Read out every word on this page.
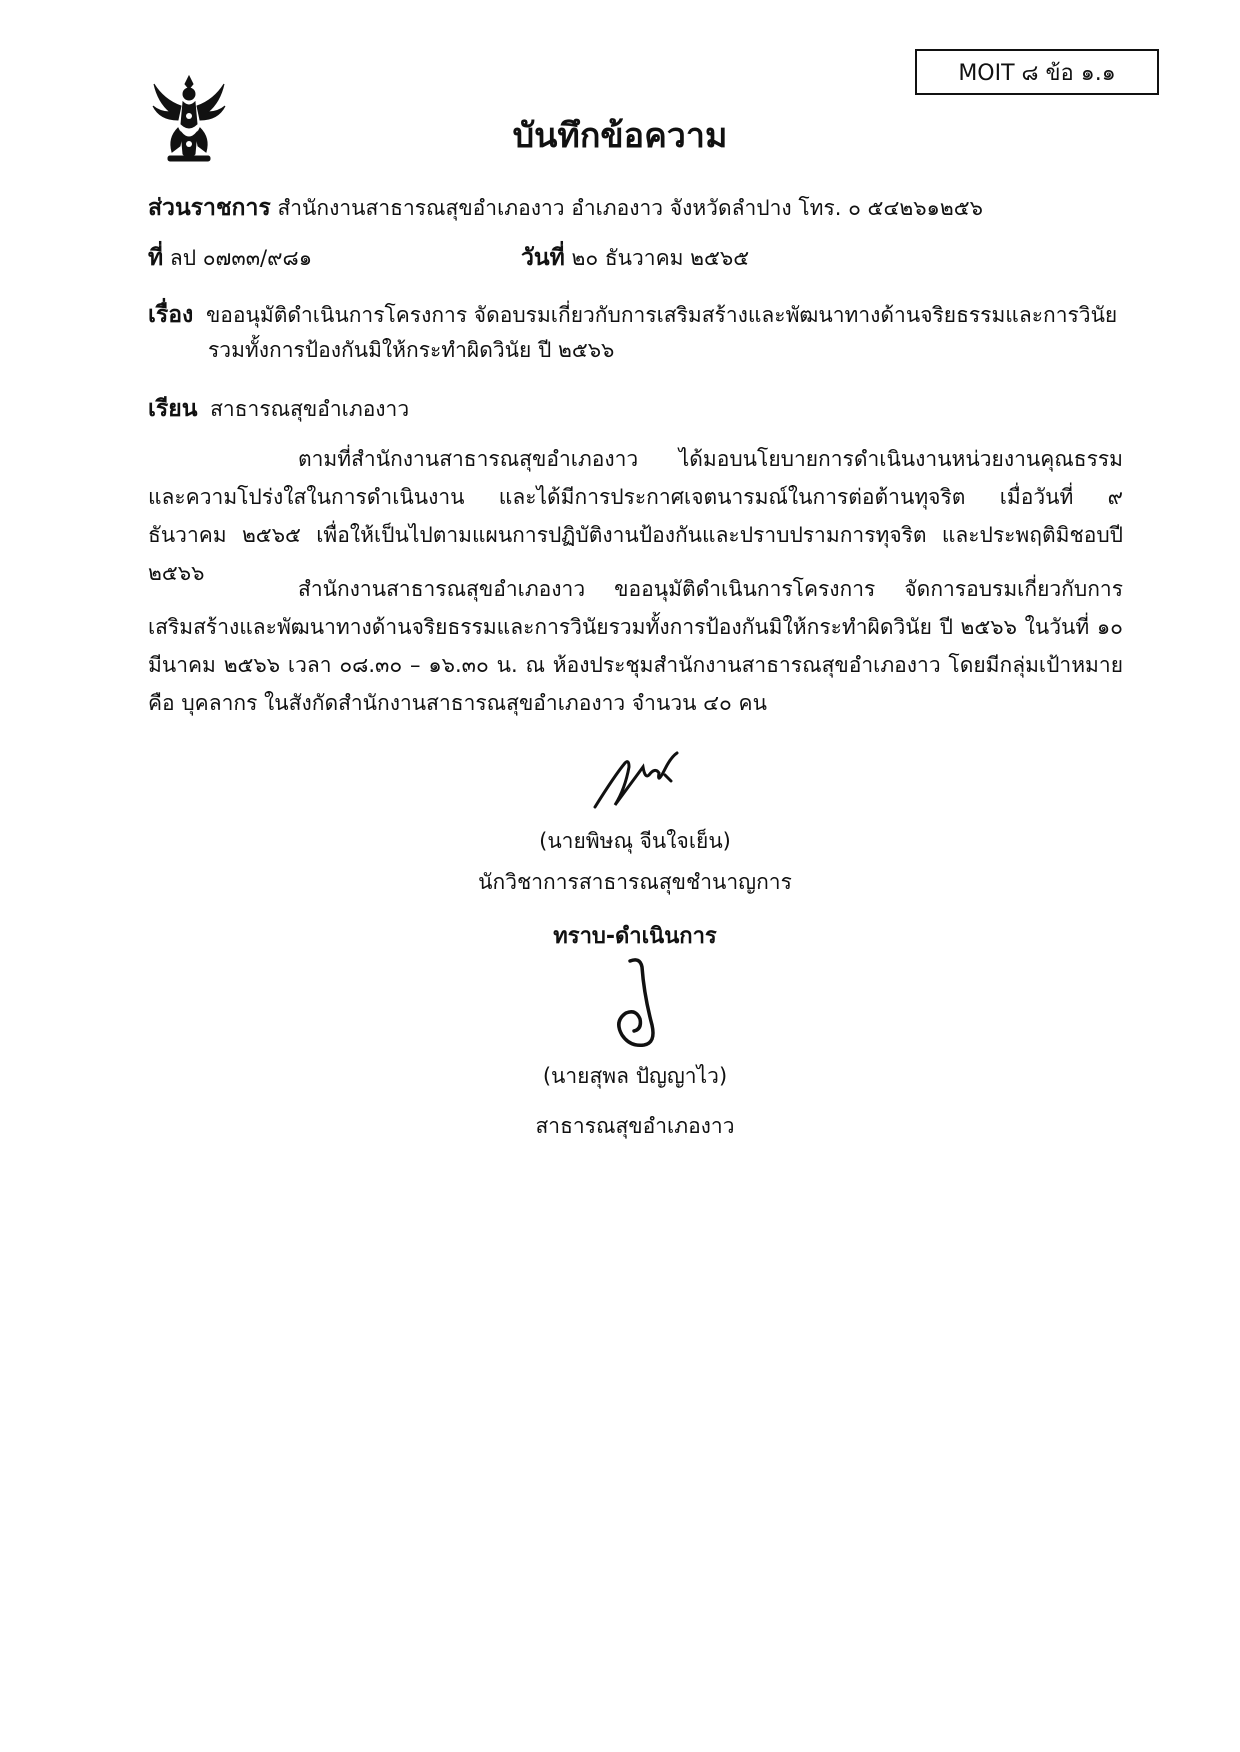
MOIT ๘ ข้อ ๑.๑
บันทึกข้อความ
ส่วนราชการ สำนักงานสาธารณสุขอำเภองาว อำเภองาว จังหวัดลำปาง โทร. ๐ ๕๔๒๖๑๒๕๖
ที่ ลป ๐๗๓๓/๙๘๑	วันที่ ๒๐ ธันวาคม ๒๕๖๕
เรื่อง ขออนุมัติดำเนินการโครงการ จัดอบรมเกี่ยวกับการเสริมสร้างและพัฒนาทางด้านจริยธรรมและการวินัย
รวมทั้งการป้องกันมิให้กระทำผิดวินัย ปี ๒๕๖๖
เรียน สาธารณสุขอำเภองาว
ตามที่สำนักงานสาธารณสุขอำเภองาว ได้มอบนโยบายการดำเนินงานหน่วยงานคุณธรรม และความโปร่งใสในการดำเนินงาน และได้มีการประกาศเจตนารมณ์ในการต่อต้านทุจริต เมื่อวันที่ ๙ ธันวาคม ๒๕๖๕ เพื่อให้เป็นไปตามแผนการปฏิบัติงานป้องกันและปราบปรามการทุจริต และประพฤติมิชอบปี ๒๕๖๖
สำนักงานสาธารณสุขอำเภองาว ขออนุมัติดำเนินการโครงการ จัดการอบรมเกี่ยวกับการเสริมสร้างและพัฒนาทางด้านจริยธรรมและการวินัยรวมทั้งการป้องกันมิให้กระทำผิดวินัย ปี ๒๕๖๖ ในวันที่ ๑๐ มีนาคม ๒๕๖๖ เวลา ๐๘.๓๐ – ๑๖.๓๐ น. ณ ห้องประชุมสำนักงานสาธารณสุขอำเภองาว โดยมีกลุ่มเป้าหมาย คือ บุคลากร ในสังกัดสำนักงานสาธารณสุขอำเภองาว จำนวน ๔๐ คน
(นายพิษณุ จีนใจเย็น)
นักวิชาการสาธารณสุขชำนาญการ
ทราบ-ดำเนินการ
(นายสุพล ปัญญาไว)
สาธารณสุขอำเภองาว
